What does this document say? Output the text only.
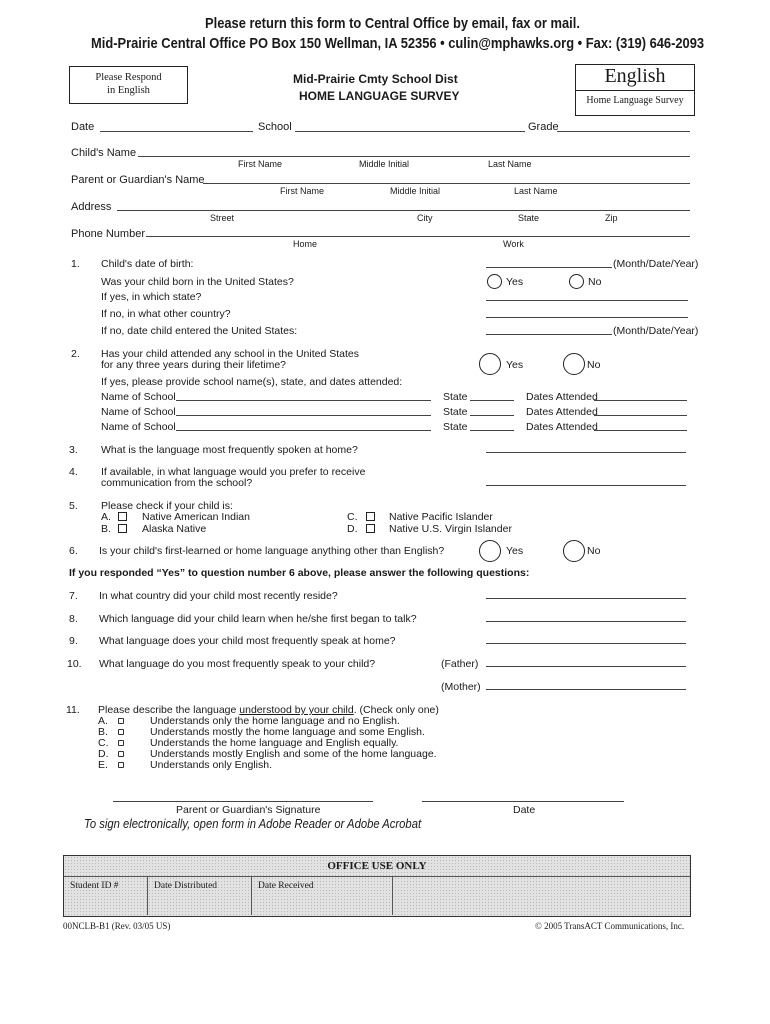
Please return this form to Central Office by email, fax or mail.
Mid-Prairie Central Office PO Box 150 Wellman, IA 52356 • culin@mphawks.org • Fax: (319) 646-2093
Please Respond
in English
Mid-Prairie Cmty School Dist
HOME LANGUAGE SURVEY
English
Home Language Survey
Date	School	Grade
Child's Name
First Name	Middle Initial	Last Name
Parent or Guardian's Name
First Name	Middle Initial	Last Name
Address
Street	City	State	Zip
Phone Number
Home	Work
1. Child's date of birth:	(Month/Date/Year)
Was your child born in the United States?	Yes	No
If yes, in which state?
If no, in what other country?
If no, date child entered the United States:	(Month/Date/Year)
2. Has your child attended any school in the United States
for any three years during their lifetime?	Yes	No
If yes, please provide school name(s), state, and dates attended:
Name of School	State	Dates Attended
Name of School	State	Dates Attended
Name of School	State	Dates Attended
3. What is the language most frequently spoken at home?
4. If available, in what language would you prefer to receive
communication from the school?
5. Please check if your child is:
A.	Native American Indian
B.	Alaska Native
C.	Native Pacific Islander
D.	Native U.S. Virgin Islander
6. Is your child's first-learned or home language anything other than English?	Yes	No
If you responded “Yes” to question number 6 above, please answer the following questions:
7. In what country did your child most recently reside?
8. Which language did your child learn when he/she first began to talk?
9. What language does your child most frequently speak at home?
10. What language do you most frequently speak to your child?	(Father)
(Mother)
11. Please describe the language understood by your child. (Check only one)
A.	Understands only the home language and no English.
B.	Understands mostly the home language and some English.
C.	Understands the home language and English equally.
D.	Understands mostly English and some of the home language.
E.	Understands only English.
Parent or Guardian's Signature	Date
To sign electronically, open form in Adobe Reader or Adobe Acrobat
OFFICE USE ONLY
Student ID #	Date Distributed	Date Received
00NCLB-B1 (Rev. 03/05 US)	© 2005 TransACT Communications, Inc.
